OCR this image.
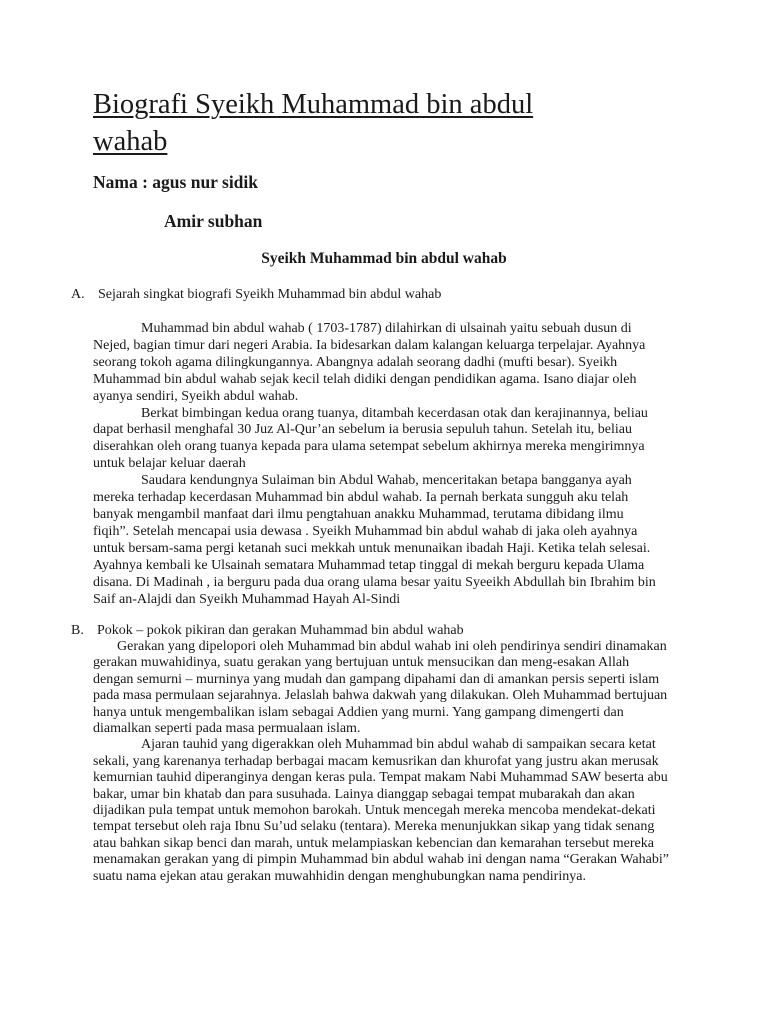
Biografi Syeikh Muhammad bin abdul
wahab

Nama : agus nur sidik

Amir subhan

Syeikh Muhammad bin abdul wahab

A. Sejarah singkat biografi Syeikh Muhammad bin abdul wahab

Muhammad bin abdul wahab ( 1703-1787) dilahirkan di ulsainah yaitu sebuah dusun di Nejed, bagian timur dari negeri Arabia. Ia bidesarkan dalam kalangan keluarga terpelajar. Ayahnya seorang tokoh agama dilingkungannya. Abangnya adalah seorang dadhi (mufti besar). Syeikh Muhammad bin abdul wahab sejak kecil telah didiki dengan pendidikan agama. Isano diajar oleh ayanya sendiri, Syeikh abdul wahab.

Berkat bimbingan kedua orang tuanya, ditambah kecerdasan otak dan kerajinannya, beliau dapat berhasil menghafal 30 Juz Al-Qur’an sebelum ia berusia sepuluh tahun. Setelah itu, beliau diserahkan oleh orang tuanya kepada para ulama setempat sebelum akhirnya mereka mengirimnya untuk belajar keluar daerah

Saudara kendungnya Sulaiman bin Abdul Wahab, menceritakan betapa bangganya ayah mereka terhadap kecerdasan Muhammad bin abdul wahab. Ia pernah berkata sungguh aku telah banyak mengambil manfaat dari ilmu pengtahuan anakku Muhammad, terutama dibidang ilmu fiqih”. Setelah mencapai usia dewasa . Syeikh Muhammad bin abdul wahab di jaka oleh ayahnya untuk bersam-sama pergi ketanah suci mekkah untuk menunaikan ibadah Haji. Ketika telah selesai. Ayahnya kembali ke Ulsainah sematara Muhammad tetap tinggal di mekah berguru kepada Ulama disana. Di Madinah , ia berguru pada dua orang ulama besar yaitu Syeeikh Abdullah bin Ibrahim bin Saif an-Alajdi dan Syeikh Muhammad Hayah Al-Sindi

B. Pokok – pokok pikiran dan gerakan Muhammad bin abdul wahab

Gerakan yang dipelopori oleh Muhammad bin abdul wahab ini oleh pendirinya sendiri dinamakan gerakan muwahidinya, suatu gerakan yang bertujuan untuk mensucikan dan meng-esakan Allah dengan semurni – murninya yang mudah dan gampang dipahami dan di amankan persis seperti islam pada masa permulaan sejarahnya. Jelaslah bahwa dakwah yang dilakukan. Oleh Muhammad bertujuan hanya untuk mengembalikan islam sebagai Addien yang murni. Yang gampang dimengerti dan diamalkan seperti pada masa permualaan islam.

Ajaran tauhid yang digerakkan oleh Muhammad bin abdul wahab di sampaikan secara ketat sekali, yang karenanya terhadap berbagai macam kemusrikan dan khurofat yang justru akan merusak kemurnian tauhid diperanginya dengan keras pula. Tempat makam Nabi Muhammad SAW beserta abu bakar, umar bin khatab dan para susuhada. Lainya dianggap sebagai tempat mubarakah dan akan dijadikan pula tempat untuk memohon barokah. Untuk mencegah mereka mencoba mendekat-dekati tempat tersebut oleh raja Ibnu Su’ud selaku (tentara). Mereka menunjukkan sikap yang tidak senang atau bahkan sikap benci dan marah, untuk melampiaskan kebencian dan kemarahan tersebut mereka menamakan gerakan yang di pimpin Muhammad bin abdul wahab ini dengan nama “Gerakan Wahabi” suatu nama ejekan atau gerakan muwahhidin dengan menghubungkan nama pendirinya.
